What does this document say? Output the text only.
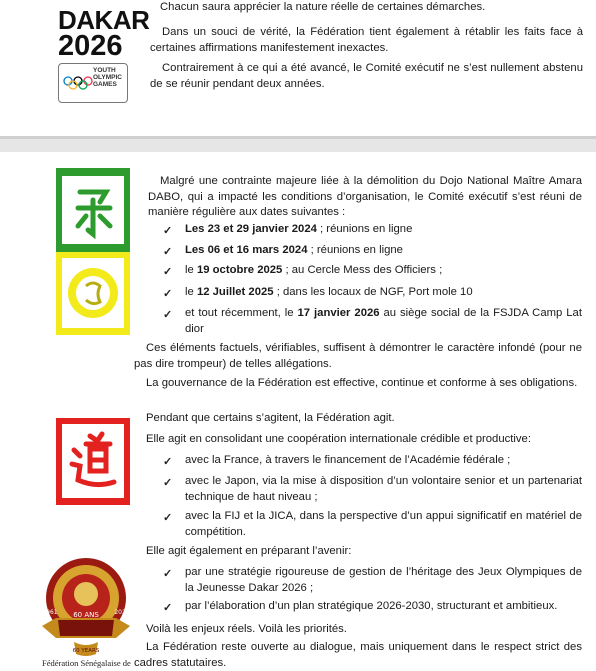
DAKAR
2026
YOUTH
OLYMPIC
GAMES

Chacun saura apprécier la nature réelle de certaines démarches.

Dans un souci de vérité, la Fédération tient également à rétablir les faits face à certaines affirmations manifestement inexactes.

Contrairement à ce qui a été avancé, le Comité exécutif ne s’est nullement abstenu de se réunir pendant deux années.

Malgré une contrainte majeure liée à la démolition du Dojo National Maître Amara DABO, qui a impacté les conditions d’organisation, le Comité exécutif s’est réuni de manière régulière aux dates suivantes :

✓ Les 23 et 29 janvier 2024 ; réunions en ligne

✓ Les 06 et 16 mars 2024 ; réunions en ligne

✓ le 19 octobre 2025 ; au Cercle Mess des Officiers ;

✓ le 12 Juillet 2025 ; dans les locaux de NGF, Port mole 10

✓ et tout récemment, le 17 janvier 2026 au siège social de la FSJDA Camp Lat dior

Ces éléments factuels, vérifiables, suffisent à démontrer le caractère infondé (pour ne pas dire trompeur) de telles allégations.

La gouvernance de la Fédération est effective, continue et conforme à ses obligations.

Pendant que certains s’agitent, la Fédération agit.

Elle agit en consolidant une coopération internationale crédible et productive:

✓ avec la France, à travers le financement de l’Académie fédérale ;

✓ avec le Japon, via la mise à disposition d’un volontaire senior et un partenariat technique de haut niveau ;

✓ avec la FIJ et la JICA, dans la perspective d’un appui significatif en matériel de compétition.

Elle agit également en préparant l’avenir:

✓ par une stratégie rigoureuse de gestion de l’héritage des Jeux Olympiques de la Jeunesse Dakar 2026 ;

✓ par l’élaboration d’un plan stratégique 2026-2030, structurant et ambitieux.

Voilà les enjeux réels. Voilà les priorités.

La Fédération reste ouverte au dialogue, mais uniquement dans le respect strict des cadres statutaires.

60 ANS
1961	2021
60 YEARS
Fédération Sénégalaise de
